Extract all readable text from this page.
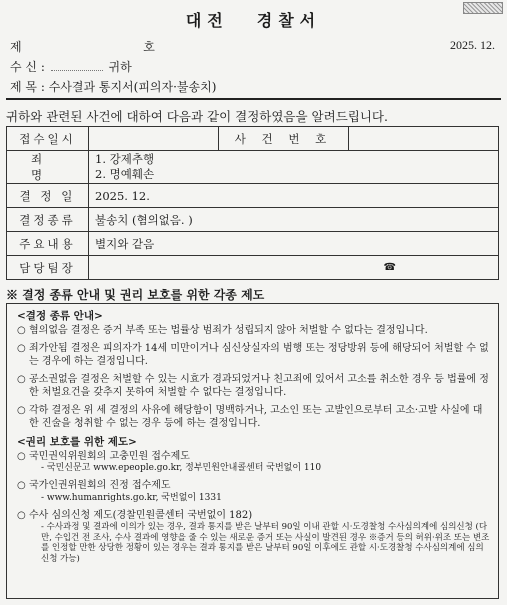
대전 경찰서
제	호	2025. 12.
수 신 :	귀하
제 목 : 수사결과 통지서(피의자·불송치)
귀하와 관련된 사건에 대하여 다음과 같이 결정하였음을 알려드립니다.
접수일시		사 건 번 호	
죄 명	1. 강제추행
2. 명예훼손		

결 정 일	2025. 12.		
결정종류	불송치 (혐의없음. )		
주요내용	별지와 같음		
담당팀장	☎		
※ 결정 종류 안내 및 권리 보호를 위한 각종 제도
<결정 종류 안내>
○ 혐의없음 결정은 증거 부족 또는 법률상 범죄가 성립되지 않아 처벌할 수 없다는 결정입니다.
○ 죄가안됨 결정은 피의자가 14세 미만이거나 심신상실자의 범행 또는 정당방위 등에 해당되어 처벌할 수 없는 경우에 하는 결정입니다.
○ 공소권없음 결정은 처벌할 수 있는 시효가 경과되었거나 친고죄에 있어서 고소를 취소한 경우 등 법률에 정한 처벌요건을 갖추지 못하여 처벌할 수 없다는 결정입니다.
○ 각하 결정은 위 세 결정의 사유에 해당함이 명백하거나, 고소인 또는 고발인으로부터 고소·고발 사실에 대한 진술을 청취할 수 없는 경우 등에 하는 결정입니다.
<권리 보호를 위한 제도>
○ 국민권익위원회의 고충민원 접수제도
- 국민신문고 www.epeople.go.kr, 정부민원안내콜센터 국번없이 110
○ 국가인권위원회의 진정 접수제도
- www.humanrights.go.kr, 국번없이 1331
○ 수사 심의신청 제도(경찰민원콜센터 국번없이 182)
- 수사과정 및 결과에 이의가 있는 경우, 결과 통지를 받은 날부터 90일 이내 관할 시·도경찰청 수사심의계에 심의신청 (다만, 수입건 전 조사, 수사 결과에 영향을 줄 수 있는 새로운 증거 또는 사실이 발견된 경우 ※증거 등의 허위·위조 또는 변조를 인정할 만한 상당한 정황이 있는 경우는 결과 통지를 받은 날부터 90일 이후에도 관할 시·도경찰청 수사심의계에 심의신청 가능)
